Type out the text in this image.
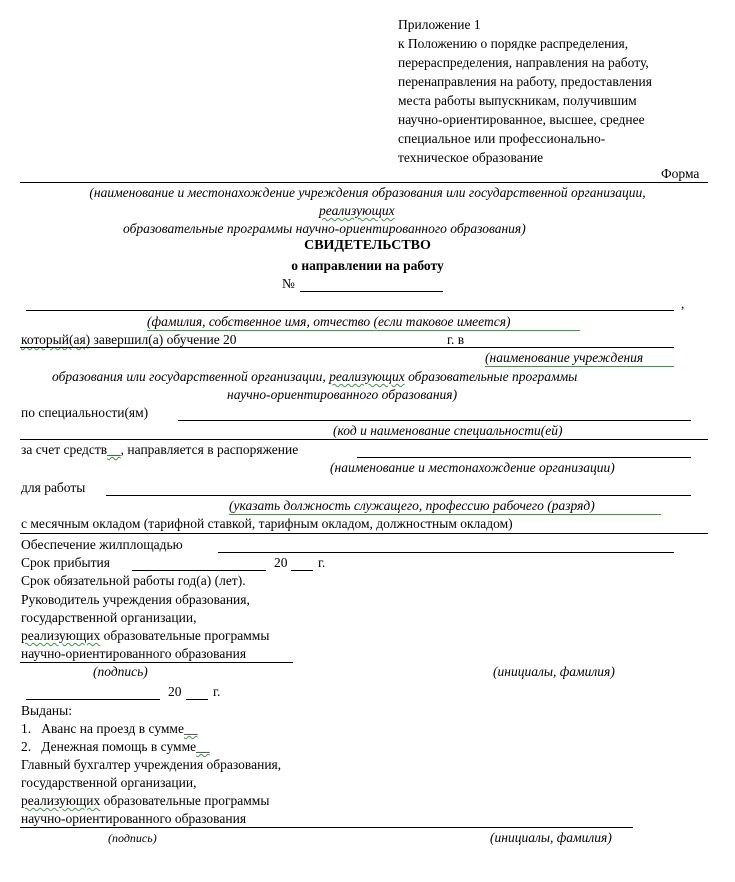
Приложение 1
к Положению о порядке распределения,
перераспределения, направления на работу,
перенаправления на работу, предоставления
места работы выпускникам, получившим
научно-ориентированное, высшее, среднее
специальное или профессионально-
техническое образование
Форма
(наименование и местонахождение учреждения образования или государственной организации,
реализующих
образовательные программы научно-ориентированного образования)
СВИДЕТЕЛЬСТВО
о направлении на работу
№
,
(фамилия, собственное имя, отчество (если таковое имеется)
который(ая) завершил(а) обучение 20	г. в
(наименование учреждения
образования или государственной организации, реализующих образовательные программы
научно-ориентированного образования)
по специальности(ям)
(код и наименование специальности(ей)
за счет средств__, направляется в распоряжение
(наименование и местонахождение организации)
для работы
(указать должность служащего, профессию рабочего (разряд)
с месячным окладом (тарифной ставкой, тарифным окладом, должностным окладом)
Обеспечение жилплощадью
Срок прибытия	20 г.
Срок обязательной работы год(а) (лет).
Руководитель учреждения образования,
государственной организации,
реализующих образовательные программы
научно-ориентированного образования
(подпись)	(инициалы, фамилия)
20 г.
Выданы:
1. Аванс на проезд в сумме__
2. Денежная помощь в сумме__
Главный бухгалтер учреждения образования,
государственной организации,
реализующих образовательные программы
научно-ориентированного образования
(подпись)	(инициалы, фамилия)
